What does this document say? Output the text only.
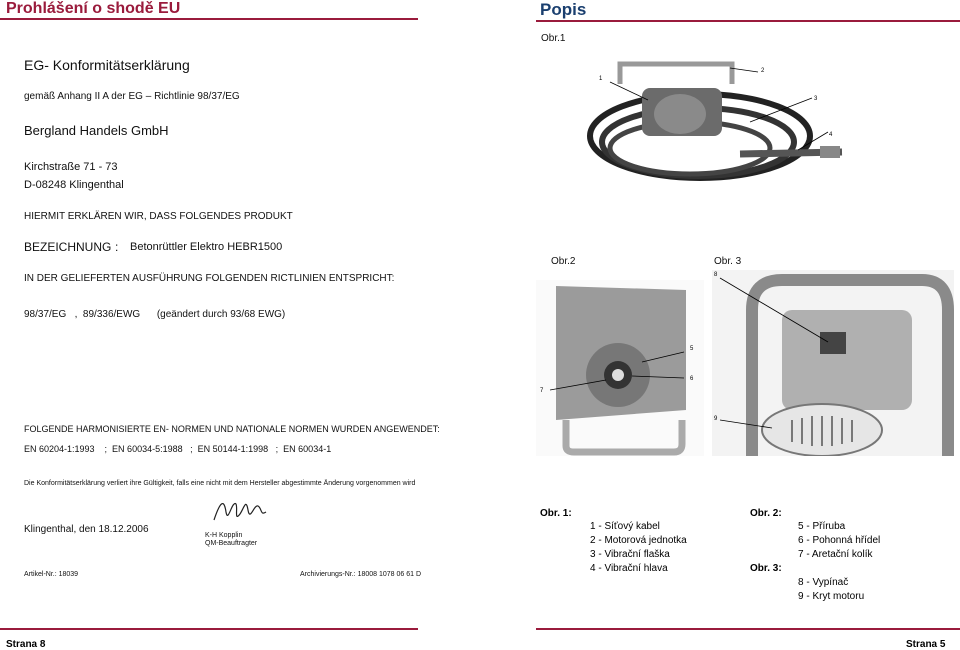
Prohlášení o shodě EU	Popis
EG- Konformitätserklärung
gemäß Anhang II A der EG – Richtlinie 98/37/EG
Bergland Handels GmbH
Kirchstraße 71 - 73
D-08248 Klingenthal
HIERMIT ERKLÄREN WIR, DASS FOLGENDES PRODUKT
BEZEICHNUNG : Betonrüttler Elektro HEBR1500
IN DER GELIEFERTEN AUSFÜHRUNG FOLGENDEN RICTLINIEN ENTSPRICHT:
98/37/EG   ,  89/336/EWG      (geändert durch 93/68 EWG)
FOLGENDE HARMONISIERTE EN- NORMEN UND NATIONALE NORMEN WURDEN ANGEWENDET:
EN 60204-1:1993    ;  EN 60034-5:1988   ;  EN 50144-1:1998   ;  EN 60034-1
Die Konformitätserklärung verliert ihre Gültigkeit, falls eine nicht mit dem Hersteller abgestimmte Änderung vorgenommen wird
Klingenthal, den 18.12.2006
K-H Kopplin
QM-Beauftragter
Artikel-Nr.: 18039	Archivierungs-Nr.: 18008 1078 06 61 D
Obr.1
1
2
3
4
Obr.2
5
6
7
Obr. 3
8
9
Obr. 1:
1 - Síťový kabel
2 - Motorová jednotka
3 - Vibrační flaška
4 - Vibrační hlava
Obr. 2:
5 - Příruba
6 - Pohonná hřídel
7 - Aretační kolík
Obr. 3:
8 - Vypínač
9 - Kryt motoru
Strana 8	Strana 5
